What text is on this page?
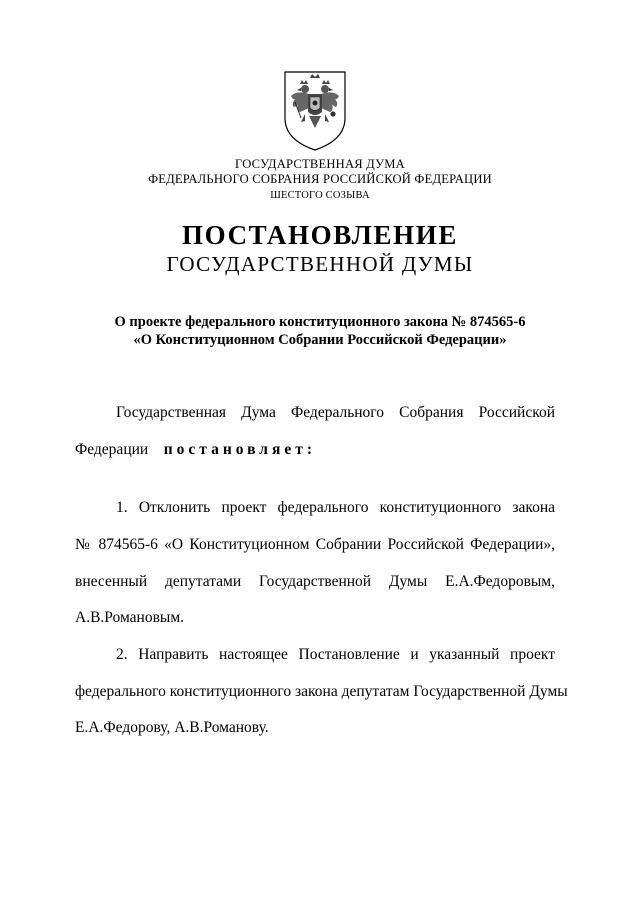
ГОСУДАРСТВЕННАЯ ДУМА
ФЕДЕРАЛЬНОГО СОБРАНИЯ РОССИЙСКОЙ ФЕДЕРАЦИИ
ШЕСТОГО СОЗЫВА
ПОСТАНОВЛЕНИЕ
ГОСУДАРСТВЕННОЙ ДУМЫ
О проекте федерального конституционного закона № 874565-6
«О Конституционном Собрании Российской Федерации»
Государственная Дума Федерального Собрания Российской
Федерации постановляет:
1. Отклонить проект федерального конституционного закона
№ 874565-6 «О Конституционном Собрании Российской Федерации»,
внесенный депутатами Государственной Думы Е.А.Федоровым,
А.В.Романовым.
2. Направить настоящее Постановление и указанный проект
федерального конституционного закона депутатам Государственной Думы
Е.А.Федорову, А.В.Романову.
